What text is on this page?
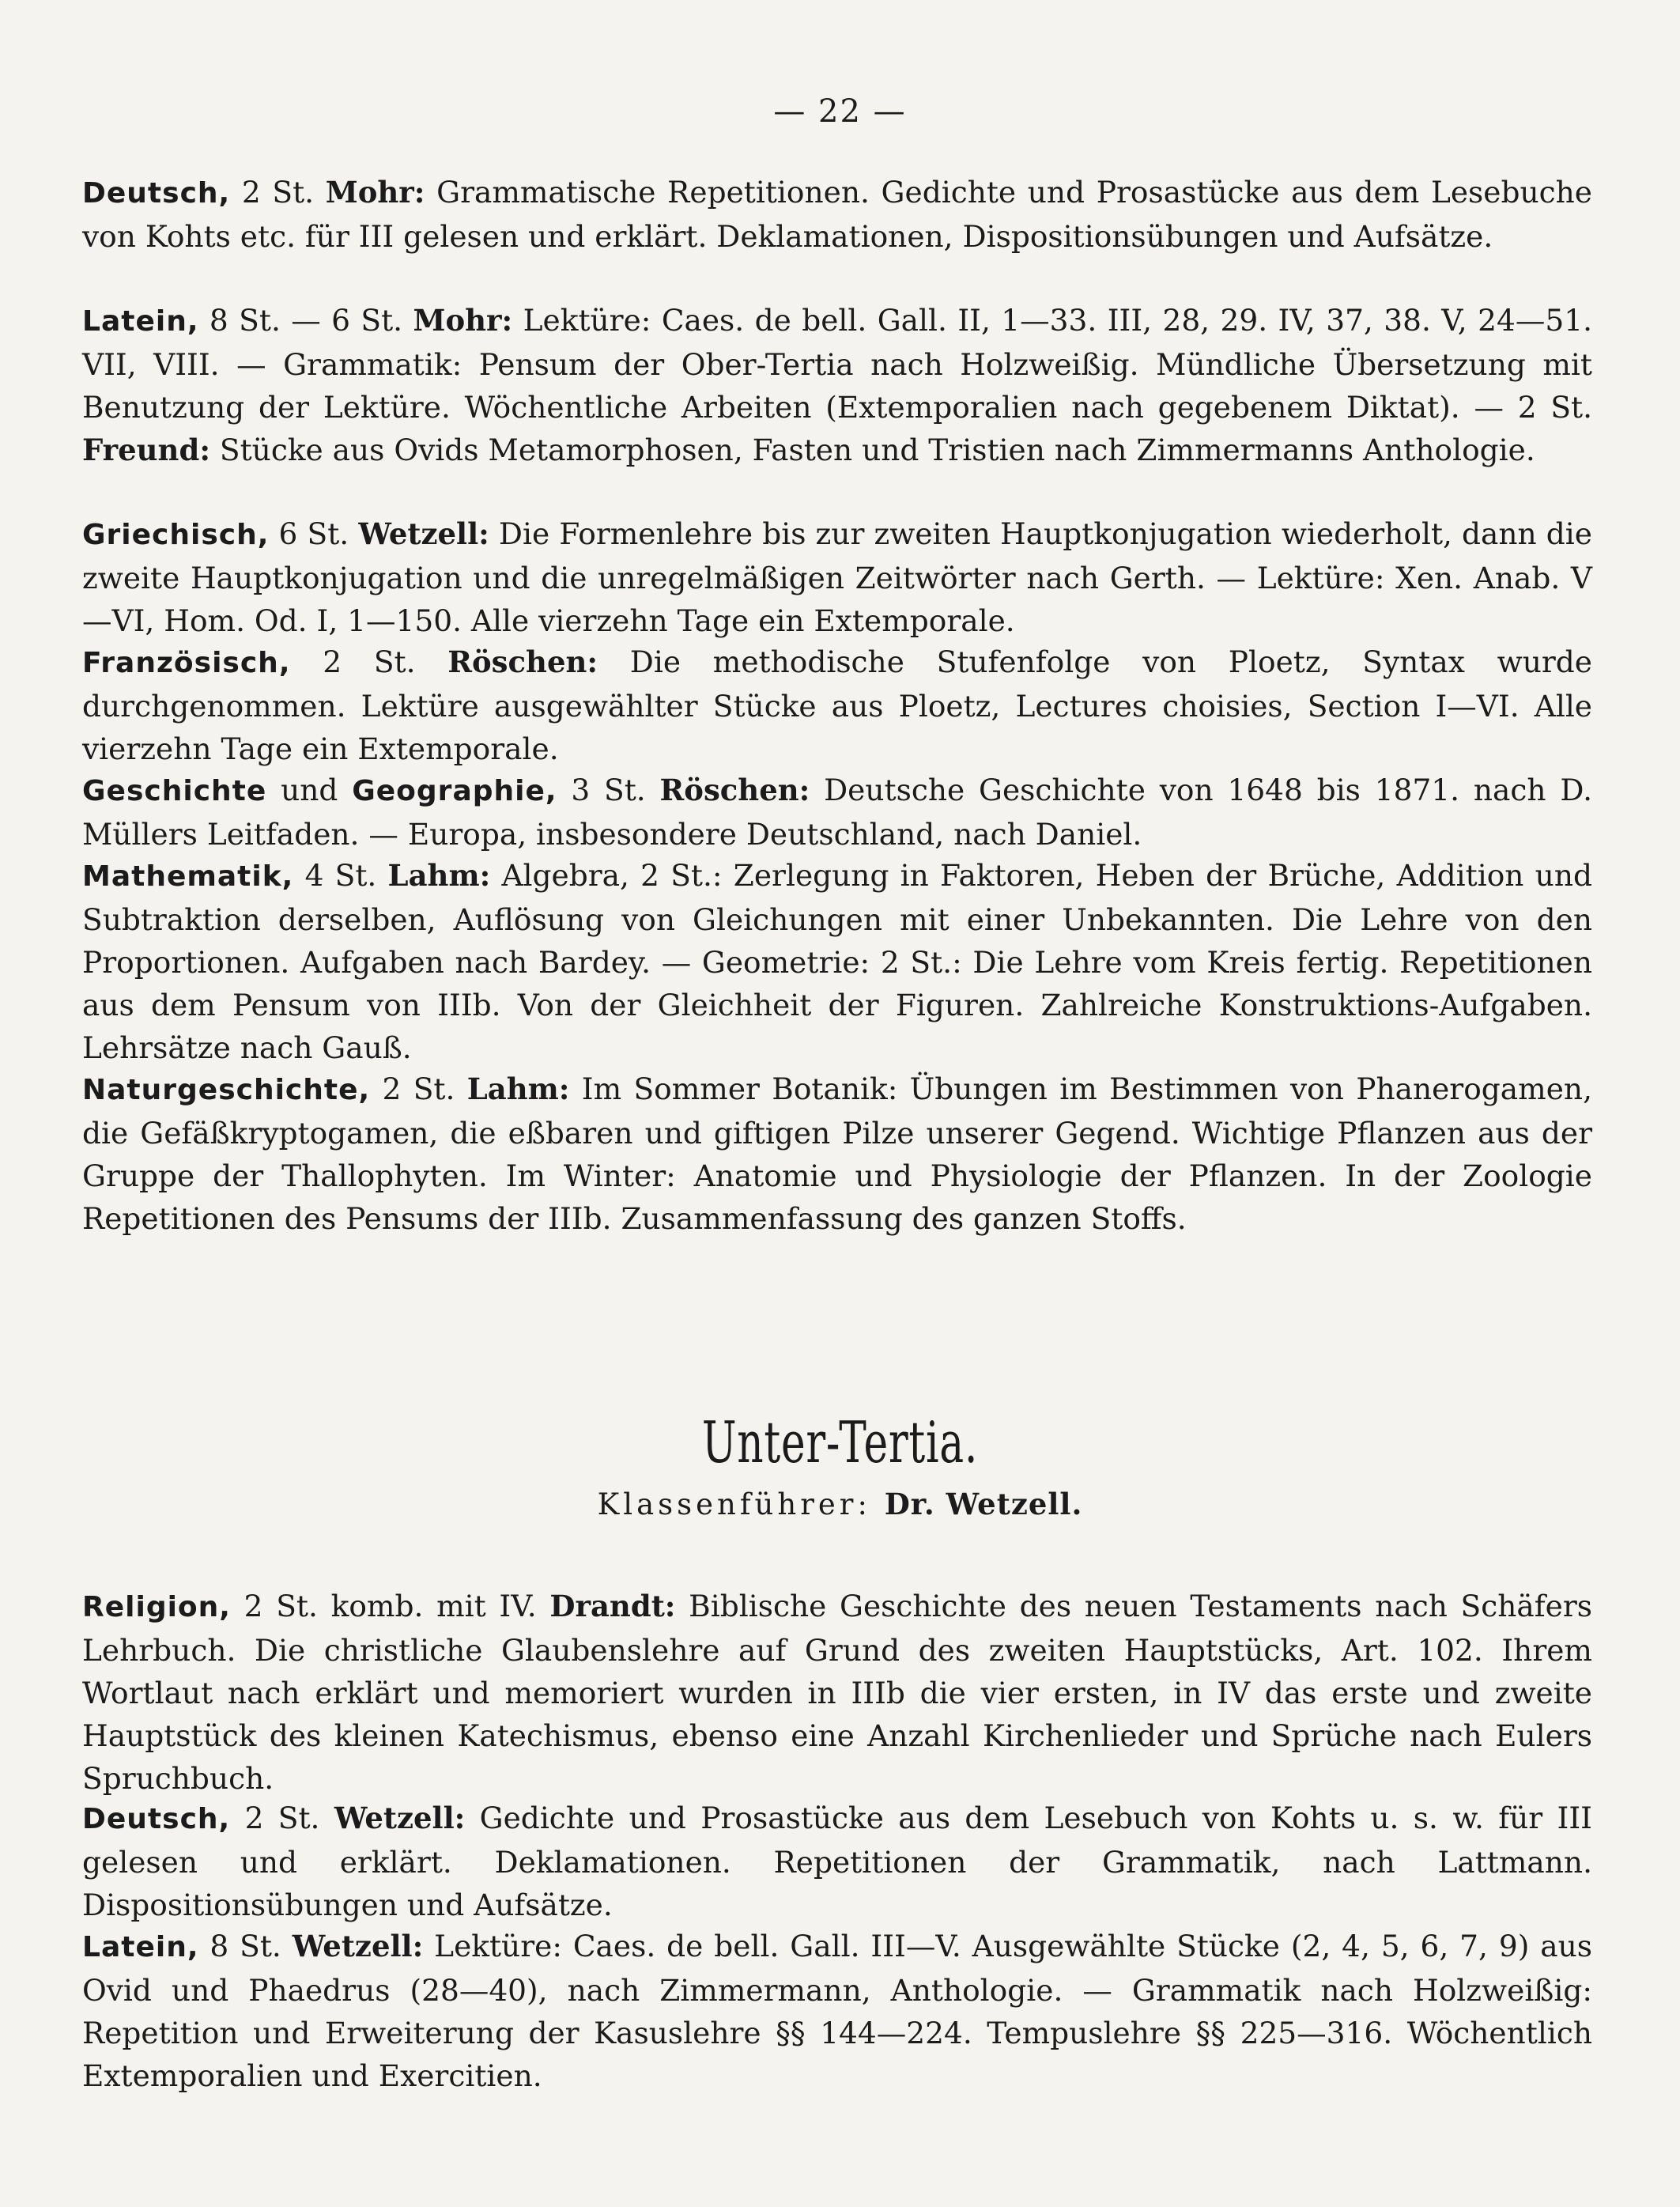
— 22 —

Deutsch, 2 St. Mohr: Grammatische Repetitionen. Gedichte und Prosastücke aus dem Lesebuche von Kohts etc. für III gelesen und erklärt. Deklamationen, Dispositionsübungen und Aufsätze.

Latein, 8 St. — 6 St. Mohr: Lektüre: Caes. de bell. Gall. II, 1—33. III, 28, 29. IV, 37, 38. V, 24—51. VII, VIII. — Grammatik: Pensum der Ober-Tertia nach Holzweißig. Mündliche Übersetzung mit Benutzung der Lektüre. Wöchentliche Arbeiten (Extemporalien nach gegebenem Diktat). — 2 St. Freund: Stücke aus Ovids Metamorphosen, Fasten und Tristien nach Zimmermanns Anthologie.

Griechisch, 6 St. Wetzell: Die Formenlehre bis zur zweiten Hauptkonjugation wiederholt, dann die zweite Hauptkonjugation und die unregelmäßigen Zeitwörter nach Gerth. — Lektüre: Xen. Anab. V—VI, Hom. Od. I, 1—150. Alle vierzehn Tage ein Extemporale.

Französisch, 2 St. Röschen: Die methodische Stufenfolge von Ploetz, Syntax wurde durchgenommen. Lektüre ausgewählter Stücke aus Ploetz, Lectures choisies, Section I—VI. Alle vierzehn Tage ein Extemporale.

Geschichte und Geographie, 3 St. Röschen: Deutsche Geschichte von 1648 bis 1871. nach D. Müllers Leitfaden. — Europa, insbesondere Deutschland, nach Daniel.

Mathematik, 4 St. Lahm: Algebra, 2 St.: Zerlegung in Faktoren, Heben der Brüche, Addition und Subtraktion derselben, Auflösung von Gleichungen mit einer Unbekannten. Die Lehre von den Proportionen. Aufgaben nach Bardey. — Geometrie: 2 St.: Die Lehre vom Kreis fertig. Repetitionen aus dem Pensum von IIIb. Von der Gleichheit der Figuren. Zahlreiche Konstruktions-Aufgaben. Lehrsätze nach Gauß.

Naturgeschichte, 2 St. Lahm: Im Sommer Botanik: Übungen im Bestimmen von Phanerogamen, die Gefäßkryptogamen, die eßbaren und giftigen Pilze unserer Gegend. Wichtige Pflanzen aus der Gruppe der Thallophyten. Im Winter: Anatomie und Physiologie der Pflanzen. In der Zoologie Repetitionen des Pensums der IIIb. Zusammenfassung des ganzen Stoffs.

Unter-Tertia.
Klassenführer: Dr. Wetzell.

Religion, 2 St. komb. mit IV. Drandt: Biblische Geschichte des neuen Testaments nach Schäfers Lehrbuch. Die christliche Glaubenslehre auf Grund des zweiten Hauptstücks, Art. 102. Ihrem Wortlaut nach erklärt und memoriert wurden in IIIb die vier ersten, in IV das erste und zweite Hauptstück des kleinen Katechismus, ebenso eine Anzahl Kirchenlieder und Sprüche nach Eulers Spruchbuch.

Deutsch, 2 St. Wetzell: Gedichte und Prosastücke aus dem Lesebuch von Kohts u. s. w. für III gelesen und erklärt. Deklamationen. Repetitionen der Grammatik, nach Lattmann. Dispositionsübungen und Aufsätze.

Latein, 8 St. Wetzell: Lektüre: Caes. de bell. Gall. III—V. Ausgewählte Stücke (2, 4, 5, 6, 7, 9) aus Ovid und Phaedrus (28—40), nach Zimmermann, Anthologie. — Grammatik nach Holzweißig: Repetition und Erweiterung der Kasuslehre §§ 144—224. Tempuslehre §§ 225—316. Wöchentlich Extemporalien und Exercitien.
